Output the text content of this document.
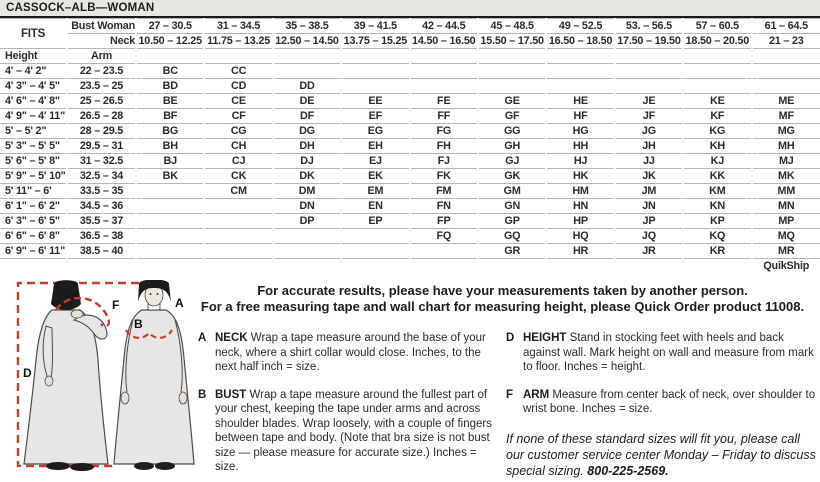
CASSOCK–ALB—WOMAN
FITS	Bust Woman	27 – 30.5	31 – 34.5	35 – 38.5	39 – 41.5	42 – 44.5	45 – 48.5	49 – 52.5	53. – 56.5	57 – 60.5	61 – 64.5
	Neck	10.50 – 12.25	11.75 – 13.25	12.50 – 14.50	13.75 – 15.25	14.50 – 16.50	15.50 – 17.50	16.50 – 18.50	17.50 – 19.50	18.50 – 20.50	21 – 23
Height	Arm										
4' – 4' 2"	22 – 23.5	BC	CC								
4' 3" – 4' 5"	23.5 – 25	BD	CD	DD							
4' 6" – 4' 8"	25 – 26.5	BE	CE	DE	EE	FE	GE	HE	JE	KE	ME
4' 9" – 4' 11"	26.5 – 28	BF	CF	DF	EF	FF	GF	HF	JF	KF	MF
5' – 5' 2"	28 – 29.5	BG	CG	DG	EG	FG	GG	HG	JG	KG	MG
5' 3" – 5' 5"	29.5 – 31	BH	CH	DH	EH	FH	GH	HH	JH	KH	MH
5' 6" – 5' 8"	31 – 32.5	BJ	CJ	DJ	EJ	FJ	GJ	HJ	JJ	KJ	MJ
5' 9" – 5' 10"	32.5 – 34	BK	CK	DK	EK	FK	GK	HK	JK	KK	MK
5' 11" – 6'	33.5 – 35		CM	DM	EM	FM	GM	HM	JM	KM	MM
6' 1" – 6' 2"	34.5 – 36			DN	EN	FN	GN	HN	JN	KN	MN
6' 3" – 6' 5"	35.5 – 37			DP	EP	FP	GP	HP	JP	KP	MP
6' 6" – 6' 8"	36.5 – 38					FQ	GQ	HQ	JQ	KQ	MQ
6' 9" – 6' 11"	38.5 – 40						GR	HR	JR	KR	MR
											QuikShip
For accurate results, please have your measurements taken by another person.
For a free measuring tape and wall chart for measuring height, please Quick Order product 11008.
A NECK Wrap a tape measure around the base of your neck, where a shirt collar would close. Inches, to the next half inch = size.
B BUST Wrap a tape measure around the fullest part of your chest, keeping the tape under arms and across shoulder blades. Wrap loosely, with a couple of fingers between tape and body. (Note that bra size is not bust size — please measure for accurate size.) Inches = size.
D HEIGHT Stand in stocking feet with heels and back against wall. Mark height on wall and measure from mark to floor. Inches = height.
F ARM Measure from center back of neck, over shoulder to wrist bone. Inches = size.
If none of these standard sizes will fit you, please call our customer service center Monday – Friday to discuss special sizing. 800-225-2569.
F	A
B
D
